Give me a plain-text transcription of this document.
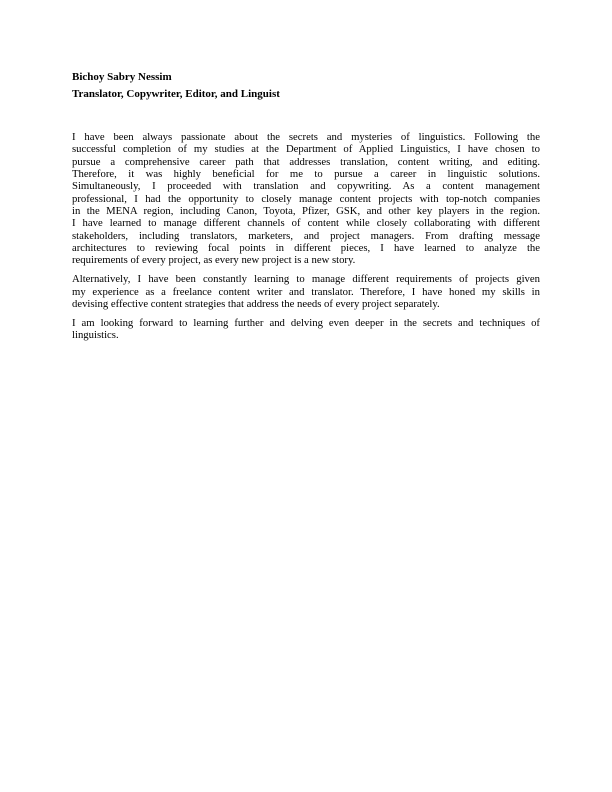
Bichoy Sabry Nessim
Translator, Copywriter, Editor, and Linguist
I have been always passionate about the secrets and mysteries of linguistics. Following the
successful completion of my studies at the Department of Applied Linguistics, I have chosen to
pursue a comprehensive career path that addresses translation, content writing, and editing.
Therefore, it was highly beneficial for me to pursue a career in linguistic solutions.
Simultaneously, I proceeded with translation and copywriting. As a content management
professional, I had the opportunity to closely manage content projects with top-notch companies
in the MENA region, including Canon, Toyota, Pfizer, GSK, and other key players in the region.
I have learned to manage different channels of content while closely collaborating with different
stakeholders, including translators, marketers, and project managers. From drafting message
architectures to reviewing focal points in different pieces, I have learned to analyze the
requirements of every project, as every new project is a new story.
Alternatively, I have been constantly learning to manage different requirements of projects given
my experience as a freelance content writer and translator. Therefore, I have honed my skills in
devising effective content strategies that address the needs of every project separately.
I am looking forward to learning further and delving even deeper in the secrets and techniques of
linguistics.
